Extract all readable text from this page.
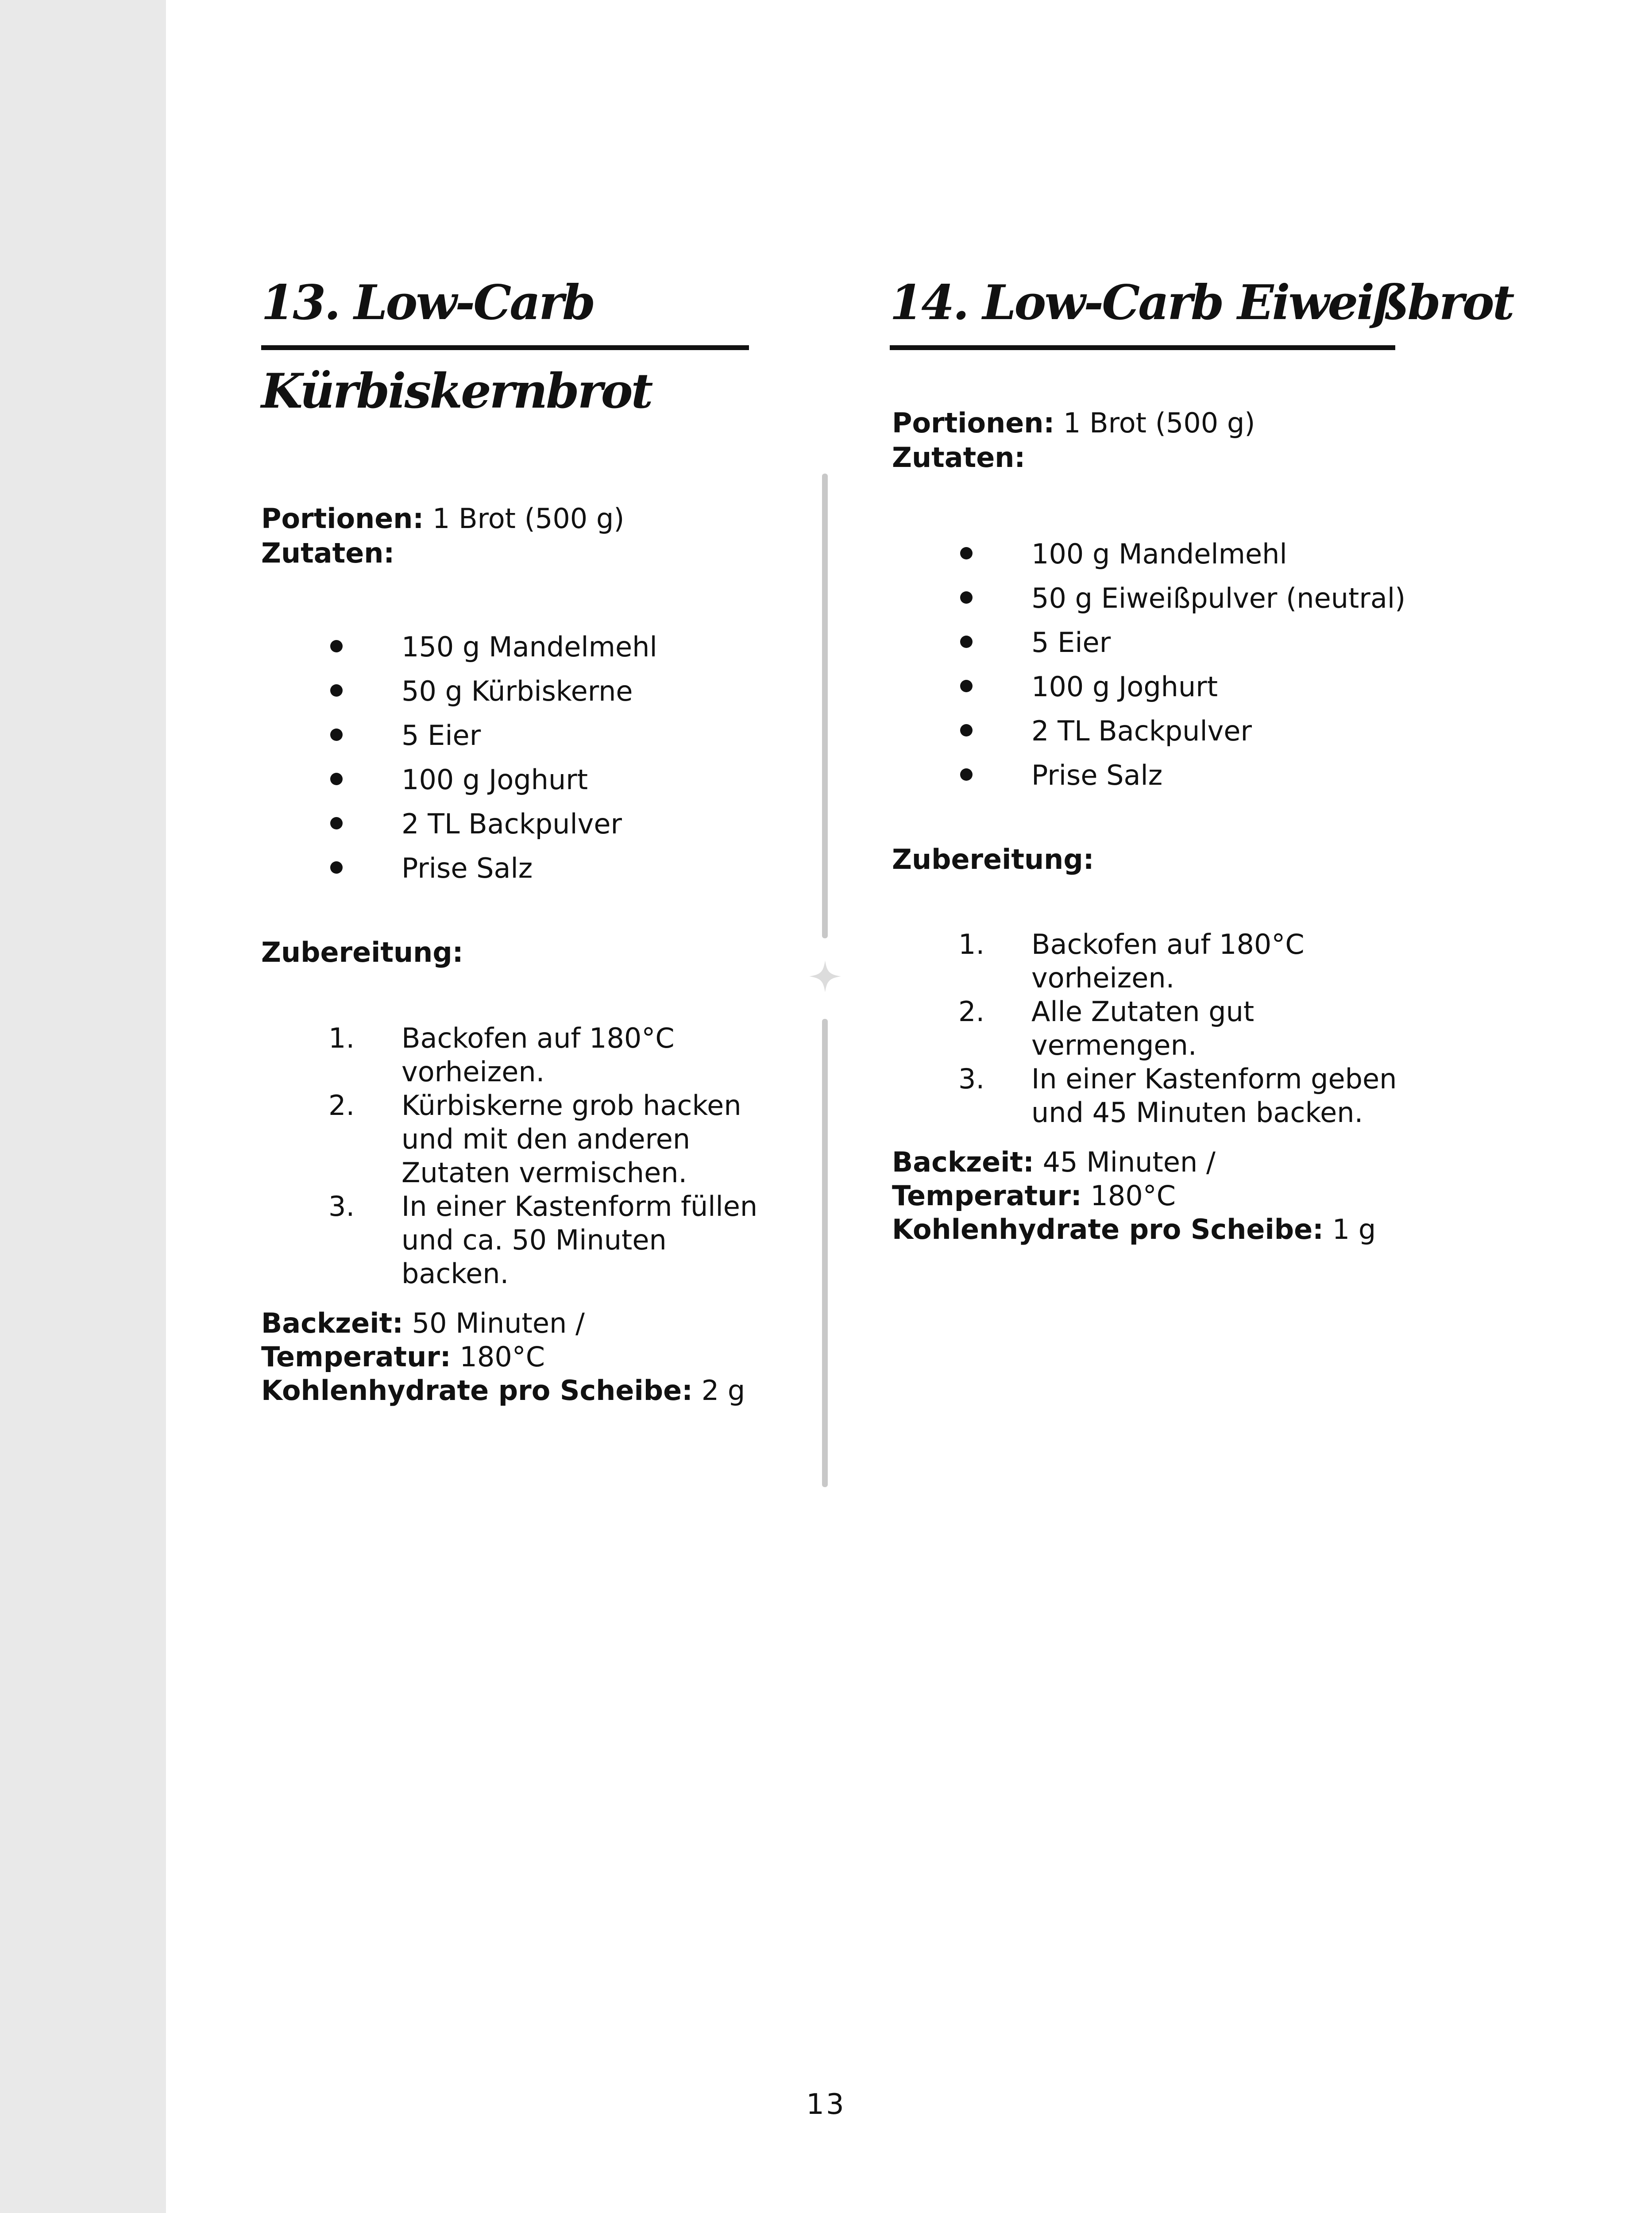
13. Low-Carb
Kürbiskernbrot
Portionen: 1 Brot (500 g)
Zutaten:
150 g Mandelmehl
50 g Kürbiskerne
5 Eier
100 g Joghurt
2 TL Backpulver
Prise Salz
Zubereitung:
1. Backofen auf 180°C vorheizen.
2. Kürbiskerne grob hacken und mit den anderen Zutaten vermischen.
3. In einer Kastenform füllen und ca. 50 Minuten backen.
Backzeit: 50 Minuten / Temperatur: 180°C
Kohlenhydrate pro Scheibe: 2 g
14. Low-Carb Eiweißbrot
Portionen: 1 Brot (500 g)
Zutaten:
100 g Mandelmehl
50 g Eiweißpulver (neutral)
5 Eier
100 g Joghurt
2 TL Backpulver
Prise Salz
Zubereitung:
1. Backofen auf 180°C vorheizen.
2. Alle Zutaten gut vermengen.
3. In einer Kastenform geben und 45 Minuten backen.
Backzeit: 45 Minuten / Temperatur: 180°C
Kohlenhydrate pro Scheibe: 1 g
13
